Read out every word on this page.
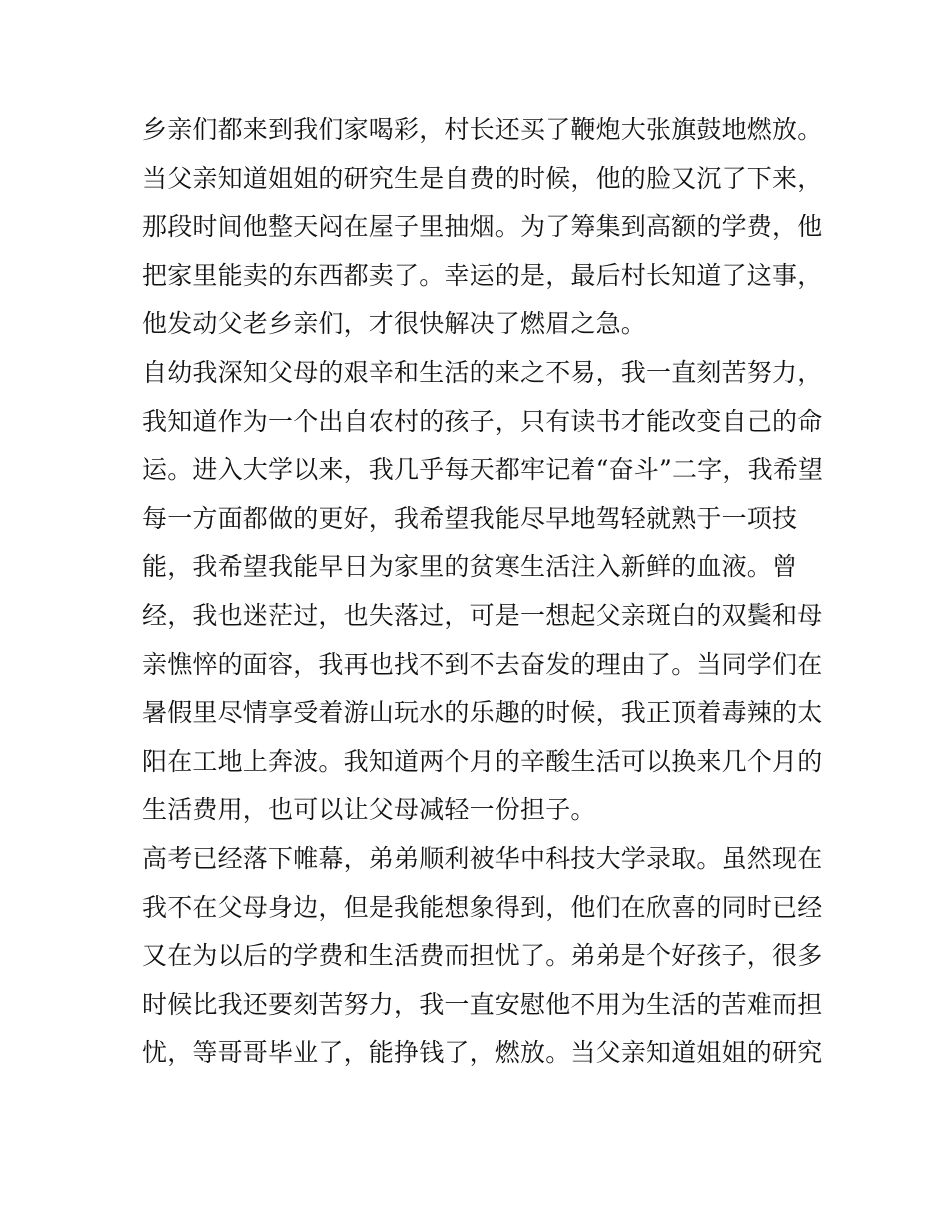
乡亲们都来到我们家喝彩，村长还买了鞭炮大张旗鼓地燃放。
当父亲知道姐姐的研究生是自费的时候，他的脸又沉了下来，
那段时间他整天闷在屋子里抽烟。为了筹集到高额的学费，他
把家里能卖的东西都卖了。幸运的是，最后村长知道了这事，
他发动父老乡亲们，才很快解决了燃眉之急。
自幼我深知父母的艰辛和生活的来之不易，我一直刻苦努力，
我知道作为一个出自农村的孩子，只有读书才能改变自己的命
运。进入大学以来，我几乎每天都牢记着“奋斗”二字，我希望
每一方面都做的更好，我希望我能尽早地驾轻就熟于一项技
能，我希望我能早日为家里的贫寒生活注入新鲜的血液。曾
经，我也迷茫过，也失落过，可是一想起父亲斑白的双鬓和母
亲憔悴的面容，我再也找不到不去奋发的理由了。当同学们在
暑假里尽情享受着游山玩水的乐趣的时候，我正顶着毒辣的太
阳在工地上奔波。我知道两个月的辛酸生活可以换来几个月的
生活费用，也可以让父母减轻一份担子。
高考已经落下帷幕，弟弟顺利被华中科技大学录取。虽然现在
我不在父母身边，但是我能想象得到，他们在欣喜的同时已经
又在为以后的学费和生活费而担忧了。弟弟是个好孩子，很多
时候比我还要刻苦努力，我一直安慰他不用为生活的苦难而担
忧，等哥哥毕业了，能挣钱了，燃放。当父亲知道姐姐的研究
